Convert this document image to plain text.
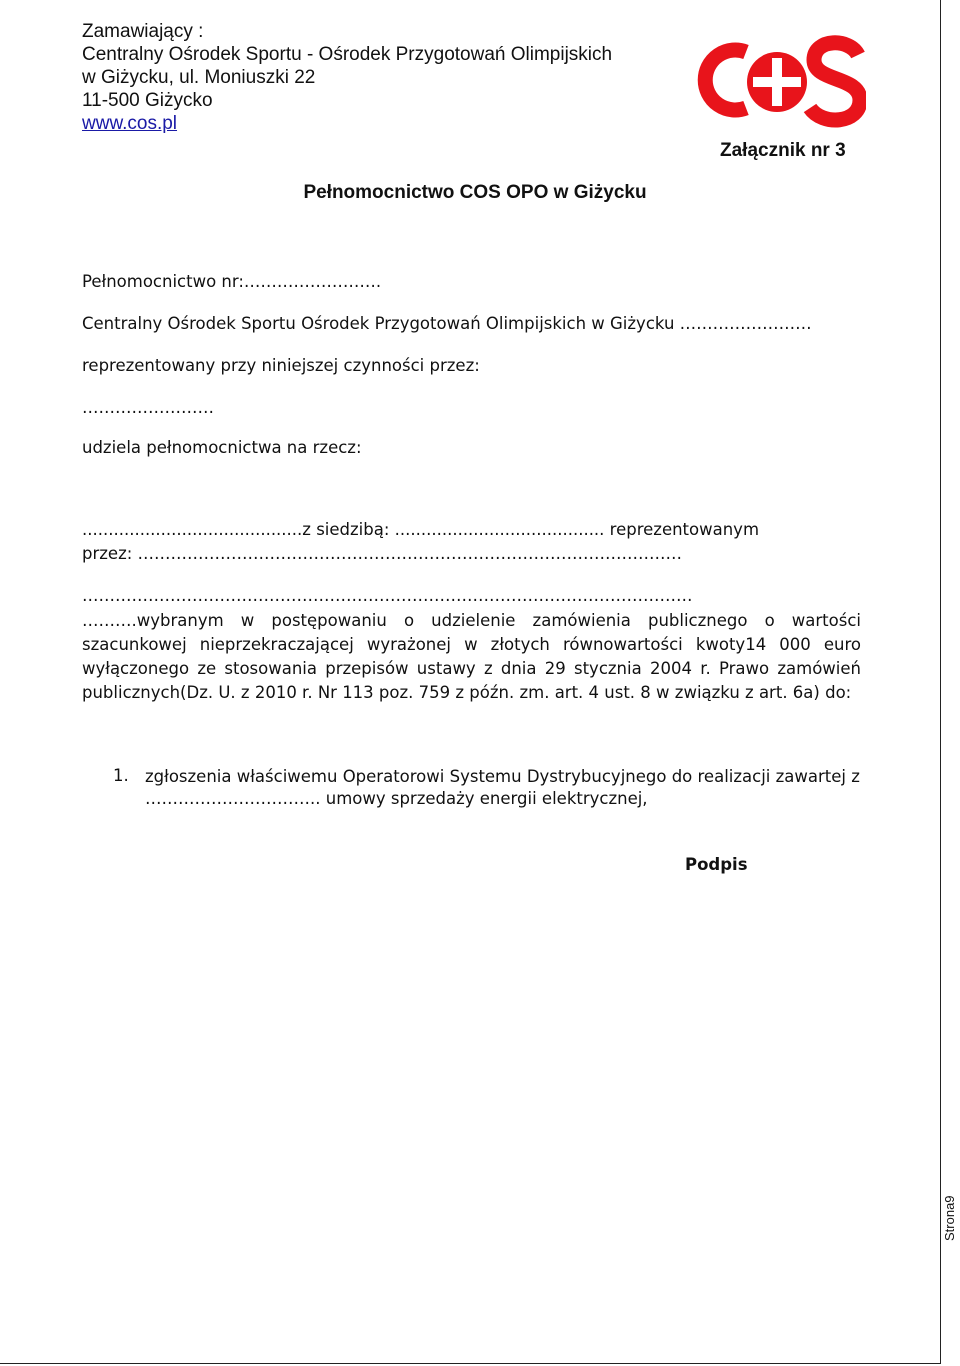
Zamawiający :
Centralny Ośrodek Sportu - Ośrodek Przygotowań Olimpijskich
w Giżycku, ul. Moniuszki 22
11-500 Giżycko
www.cos.pl
Załącznik nr 3
Pełnomocnictwo COS OPO w Giżycku
Pełnomocnictwo nr:…………………….
Centralny Ośrodek Sportu Ośrodek Przygotowań Olimpijskich w Giżycku ……………………
reprezentowany przy niniejszej czynności przez:
……………………
udziela pełnomocnictwa na rzecz:
..........................................z siedzibą: ........................................ reprezentowanym
przez: ………………………………………………………………………………………
…………………………………………………………………………………………………
……….wybranym w postępowaniu o udzielenie zamówienia publicznego o wartości szacunkowej nieprzekraczającej wyrażonej w złotych równowartości kwoty14 000 euro wyłączonego ze stosowania przepisów ustawy z dnia 29 stycznia 2004 r. Prawo zamówień publicznych(Dz. U. z 2010 r. Nr 113 poz. 759 z późn. zm. art. 4 ust. 8 w związku z art. 6a) do:
1. zgłoszenia właściwemu Operatorowi Systemu Dystrybucyjnego do realizacji zawartej z ………………………….. umowy sprzedaży energii elektrycznej,
Podpis
Strona9
